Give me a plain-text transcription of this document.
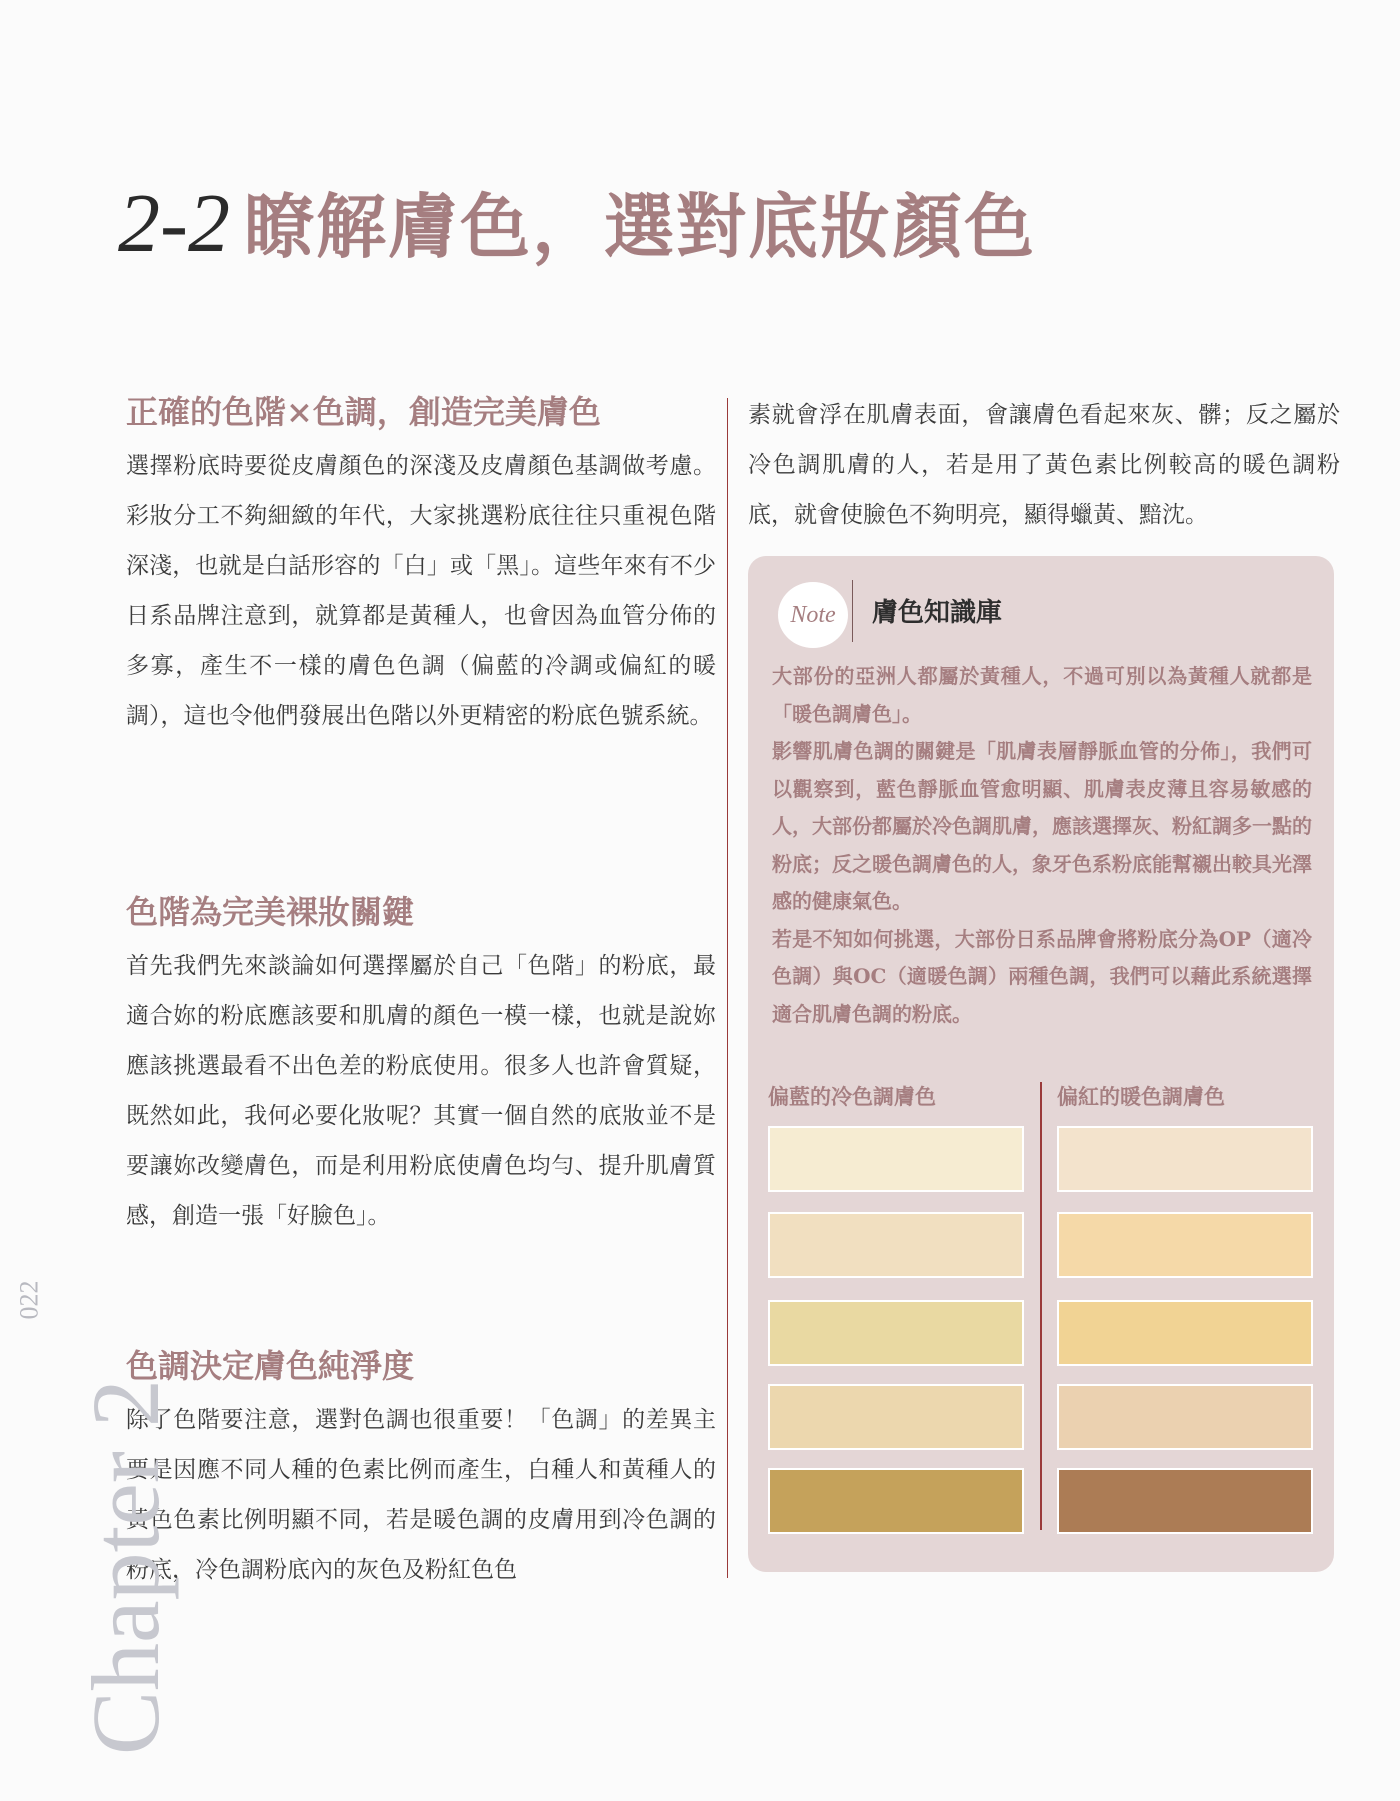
2-2 瞭解膚色，選對底妝顏色
正確的色階×色調，創造完美膚色

選擇粉底時要從皮膚顏色的深淺及皮膚顏色基調做考慮。彩妝分工不夠細緻的年代，大家挑選粉底往往只重視色階深淺，也就是白話形容的「白」或「黑」。這些年來有不少日系品牌注意到，就算都是黃種人，也會因為血管分佈的多寡，產生不一樣的膚色色調（偏藍的冷調或偏紅的暖調），這也令他們發展出色階以外更精密的粉底色號系統。

色階為完美裸妝關鍵

首先我們先來談論如何選擇屬於自己「色階」的粉底，最適合妳的粉底應該要和肌膚的顏色一模一樣，也就是說妳應該挑選最看不出色差的粉底使用。很多人也許會質疑，既然如此，我何必要化妝呢？其實一個自然的底妝並不是要讓妳改變膚色，而是利用粉底使膚色均勻、提升肌膚質感，創造一張「好臉色」。

色調決定膚色純淨度

除了色階要注意，選對色調也很重要！「色調」的差異主要是因應不同人種的色素比例而產生，白種人和黃種人的黃色色素比例明顯不同，若是暖色調的皮膚用到冷色調的粉底，冷色調粉底內的灰色及粉紅色色

素就會浮在肌膚表面，會讓膚色看起來灰、髒；反之屬於冷色調肌膚的人，若是用了黃色素比例較高的暖色調粉底，就會使臉色不夠明亮，顯得蠟黃、黯沈。

Note	膚色知識庫

大部份的亞洲人都屬於黃種人，不過可別以為黃種人就都是「暖色調膚色」。

影響肌膚色調的關鍵是「肌膚表層靜脈血管的分佈」，我們可以觀察到，藍色靜脈血管愈明顯、肌膚表皮薄且容易敏感的人，大部份都屬於冷色調肌膚，應該選擇灰、粉紅調多一點的粉底；反之暖色調膚色的人，象牙色系粉底能幫襯出較具光澤感的健康氣色。

若是不知如何挑選，大部份日系品牌會將粉底分為OP（適冷色調）與OC（適暖色調）兩種色調，我們可以藉此系統選擇適合肌膚色調的粉底。

偏藍的冷色調膚色	偏紅的暖色調膚色
Chapter 2
022
